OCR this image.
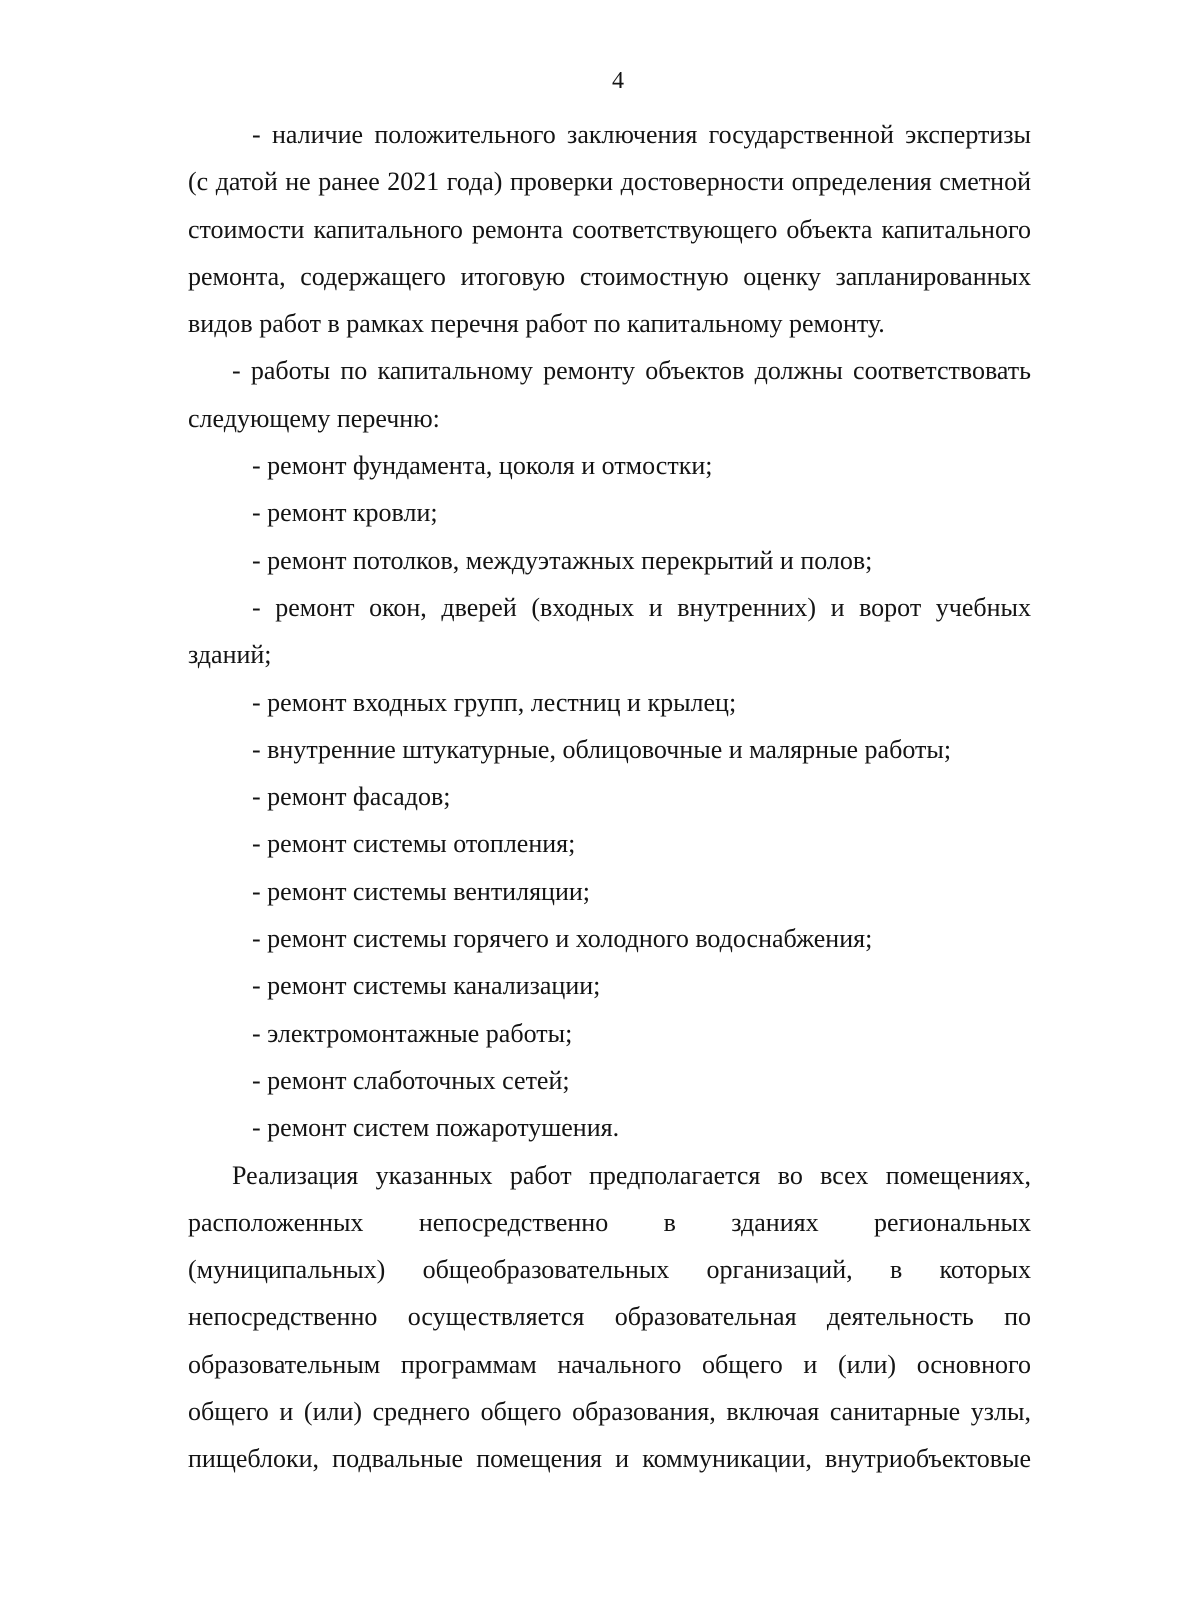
4

- наличие положительного заключения государственной экспертизы (с датой не ранее 2021 года) проверки достоверности определения сметной стоимости капитального ремонта соответствующего объекта капитального ремонта, содержащего итоговую стоимостную оценку запланированных видов работ в рамках перечня работ по капитальному ремонту.

- работы по капитальному ремонту объектов должны соответствовать следующему перечню:

- ремонт фундамента, цоколя и отмостки;

- ремонт кровли;

- ремонт потолков, междуэтажных перекрытий и полов;

- ремонт окон, дверей (входных и внутренних) и ворот учебных зданий;

- ремонт входных групп, лестниц и крылец;

- внутренние штукатурные, облицовочные и малярные работы;

- ремонт фасадов;

- ремонт системы отопления;

- ремонт системы вентиляции;

- ремонт системы горячего и холодного водоснабжения;

- ремонт системы канализации;

- электромонтажные работы;

- ремонт слаботочных сетей;

- ремонт систем пожаротушения.

Реализация указанных работ предполагается во всех помещениях, расположенных непосредственно в зданиях региональных (муниципальных) общеобразовательных организаций, в которых непосредственно осуществляется образовательная деятельность по образовательным программам начального общего и (или) основного общего и (или) среднего общего образования, включая санитарные узлы, пищеблоки, подвальные помещения и коммуникации, внутриобъектовые
